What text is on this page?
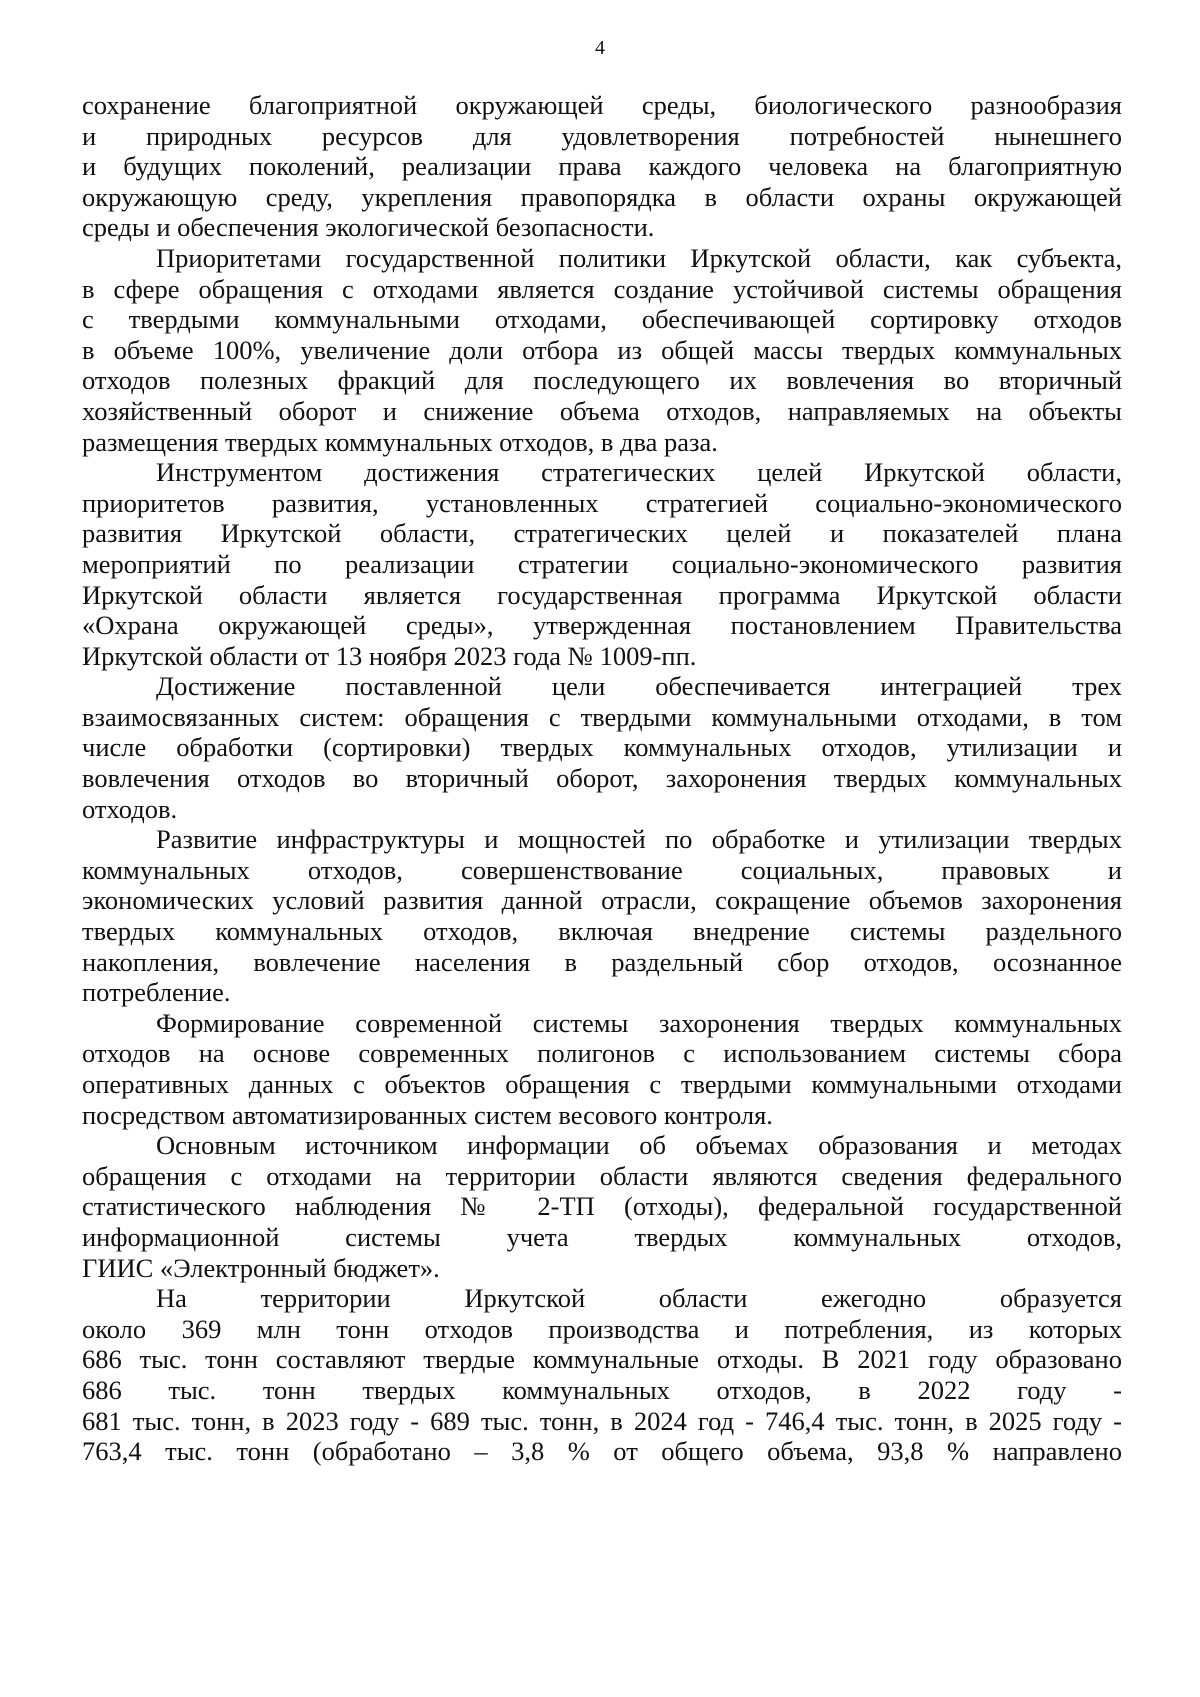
4
сохранение благоприятной окружающей среды, биологического разнообразия
и природных ресурсов для удовлетворения потребностей нынешнего
и будущих поколений, реализации права каждого человека на благоприятную
окружающую среду, укрепления правопорядка в области охраны окружающей
среды и обеспечения экологической безопасности.
Приоритетами государственной политики Иркутской области, как субъекта,
в сфере обращения с отходами является создание устойчивой системы обращения
с твердыми коммунальными отходами, обеспечивающей сортировку отходов
в объеме 100%, увеличение доли отбора из общей массы твердых коммунальных
отходов полезных фракций для последующего их вовлечения во вторичный
хозяйственный оборот и снижение объема отходов, направляемых на объекты
размещения твердых коммунальных отходов, в два раза.
Инструментом достижения стратегических целей Иркутской области,
приоритетов развития, установленных стратегией социально-экономического
развития Иркутской области, стратегических целей и показателей плана
мероприятий по реализации стратегии социально-экономического развития
Иркутской области является государственная программа Иркутской области
«Охрана окружающей среды», утвержденная постановлением Правительства
Иркутской области от 13 ноября 2023 года № 1009-пп.
Достижение поставленной цели обеспечивается интеграцией трех
взаимосвязанных систем: обращения с твердыми коммунальными отходами, в том
числе обработки (сортировки) твердых коммунальных отходов, утилизации и
вовлечения отходов во вторичный оборот, захоронения твердых коммунальных
отходов.
Развитие инфраструктуры и мощностей по обработке и утилизации твердых
коммунальных отходов, совершенствование социальных, правовых и
экономических условий развития данной отрасли, сокращение объемов захоронения
твердых коммунальных отходов, включая внедрение системы раздельного
накопления, вовлечение населения в раздельный сбор отходов, осознанное
потребление.
Формирование современной системы захоронения твердых коммунальных
отходов на основе современных полигонов с использованием системы сбора
оперативных данных с объектов обращения с твердыми коммунальными отходами
посредством автоматизированных систем весового контроля.
Основным источником информации об объемах образования и методах
обращения с отходами на территории области являются сведения федерального
статистического наблюдения № 2-ТП (отходы), федеральной государственной
информационной системы учета твердых коммунальных отходов,
ГИИС «Электронный бюджет».
На территории Иркутской области ежегодно образуется
около 369 млн тонн отходов производства и потребления, из которых
686 тыс. тонн составляют твердые коммунальные отходы. В 2021 году образовано
686 тыс. тонн твердых коммунальных отходов, в 2022 году -
681 тыс. тонн, в 2023 году - 689 тыс. тонн, в 2024 год - 746,4 тыс. тонн, в 2025 году -
763,4 тыс. тонн (обработано – 3,8 % от общего объема, 93,8 % направлено
